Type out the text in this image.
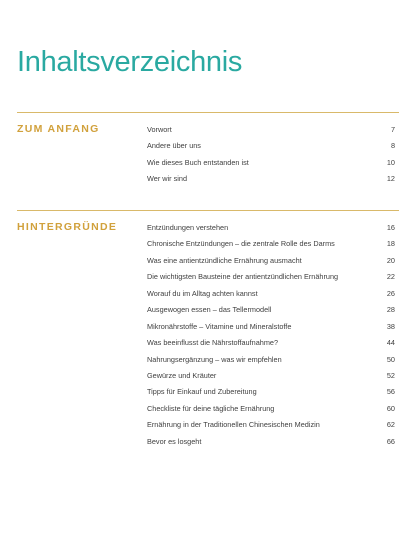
Inhaltsverzeichnis
ZUM ANFANG	Vorwort	7
Andere über uns	8
Wie dieses Buch entstanden ist	10
Wer wir sind	12
HINTERGRÜNDE	Entzündungen verstehen	16
Chronische Entzündungen – die zentrale Rolle des Darms	18
Was eine antientzündliche Ernährung ausmacht	20
Die wichtigsten Bausteine der antientzündlichen Ernährung	22
Worauf du im Alltag achten kannst	26
Ausgewogen essen – das Tellermodell	28
Mikronährstoffe – Vitamine und Mineralstoffe	38
Was beeinflusst die Nährstoffaufnahme?	44
Nahrungsergänzung – was wir empfehlen	50
Gewürze und Kräuter	52
Tipps für Einkauf und Zubereitung	56
Checkliste für deine tägliche Ernährung	60
Ernährung in der Traditionellen Chinesischen Medizin	62
Bevor es losgeht	66
